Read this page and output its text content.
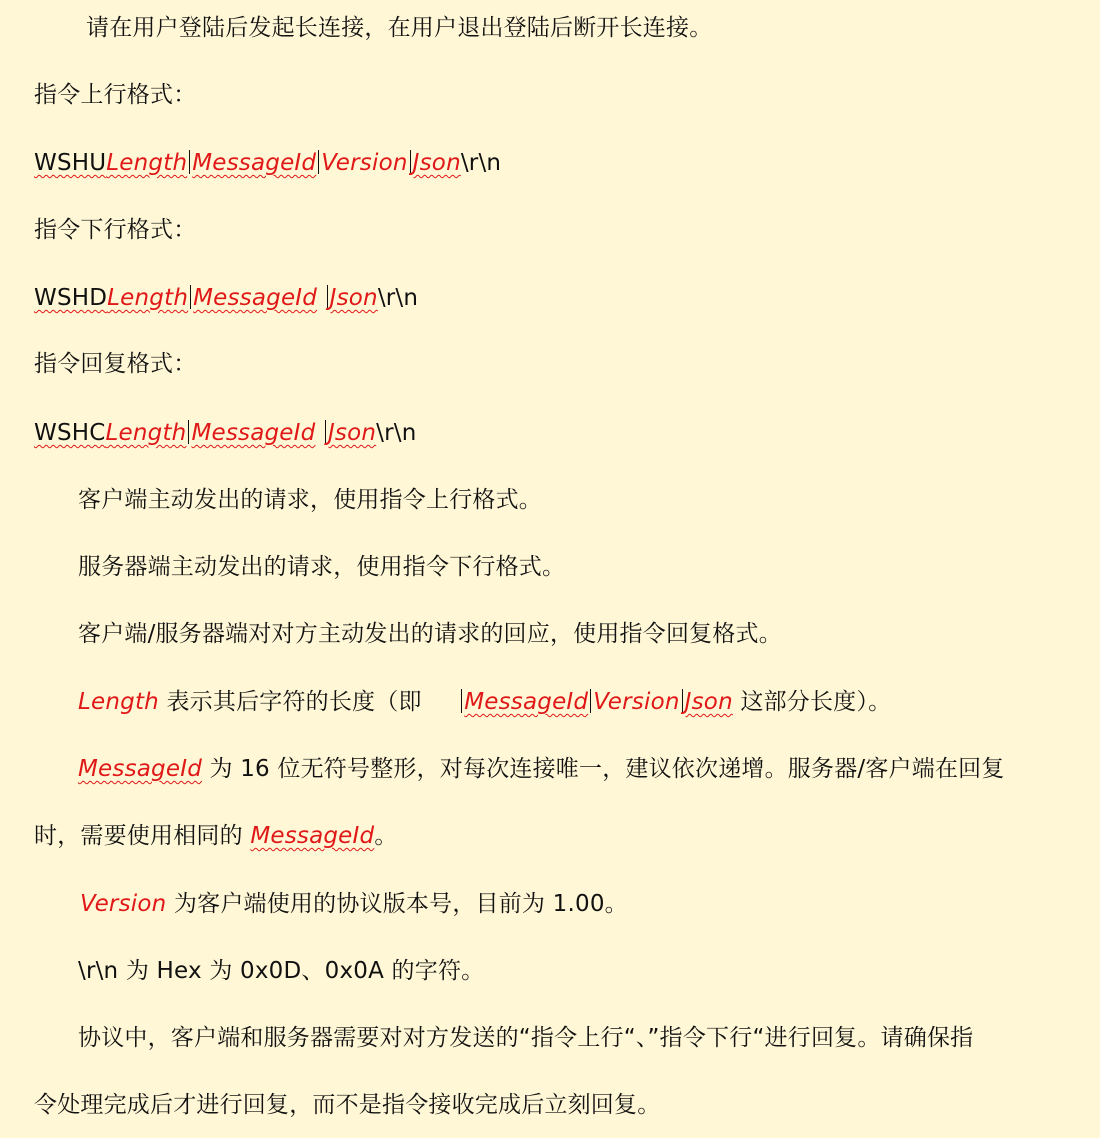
请在用户登陆后发起长连接，在用户退出登陆后断开长连接。
指令上行格式：
WSHULength MessageId Version Json\r\n
指令下行格式：
WSHDLength MessageId Json\r\n
指令回复格式：
WSHCLength MessageId Json\r\n
客户端主动发出的请求，使用指令上行格式。
服务器端主动发出的请求，使用指令下行格式。
客户端/服务器端对对方主动发出的请求的回应，使用指令回复格式。
Length 表示其后字符的长度（即 MessageId Version Json 这部分长度）。
MessageId 为 16 位无符号整形，对每次连接唯一，建议依次递增。服务器/客户端在回复
时，需要使用相同的 MessageId。
Version 为客户端使用的协议版本号，目前为 1.00。
\r\n 为 Hex 为 0x0D、0x0A 的字符。
协议中，客户端和服务器需要对对方发送的“指令上行“、”指令下行“进行回复。请确保指
令处理完成后才进行回复，而不是指令接收完成后立刻回复。
